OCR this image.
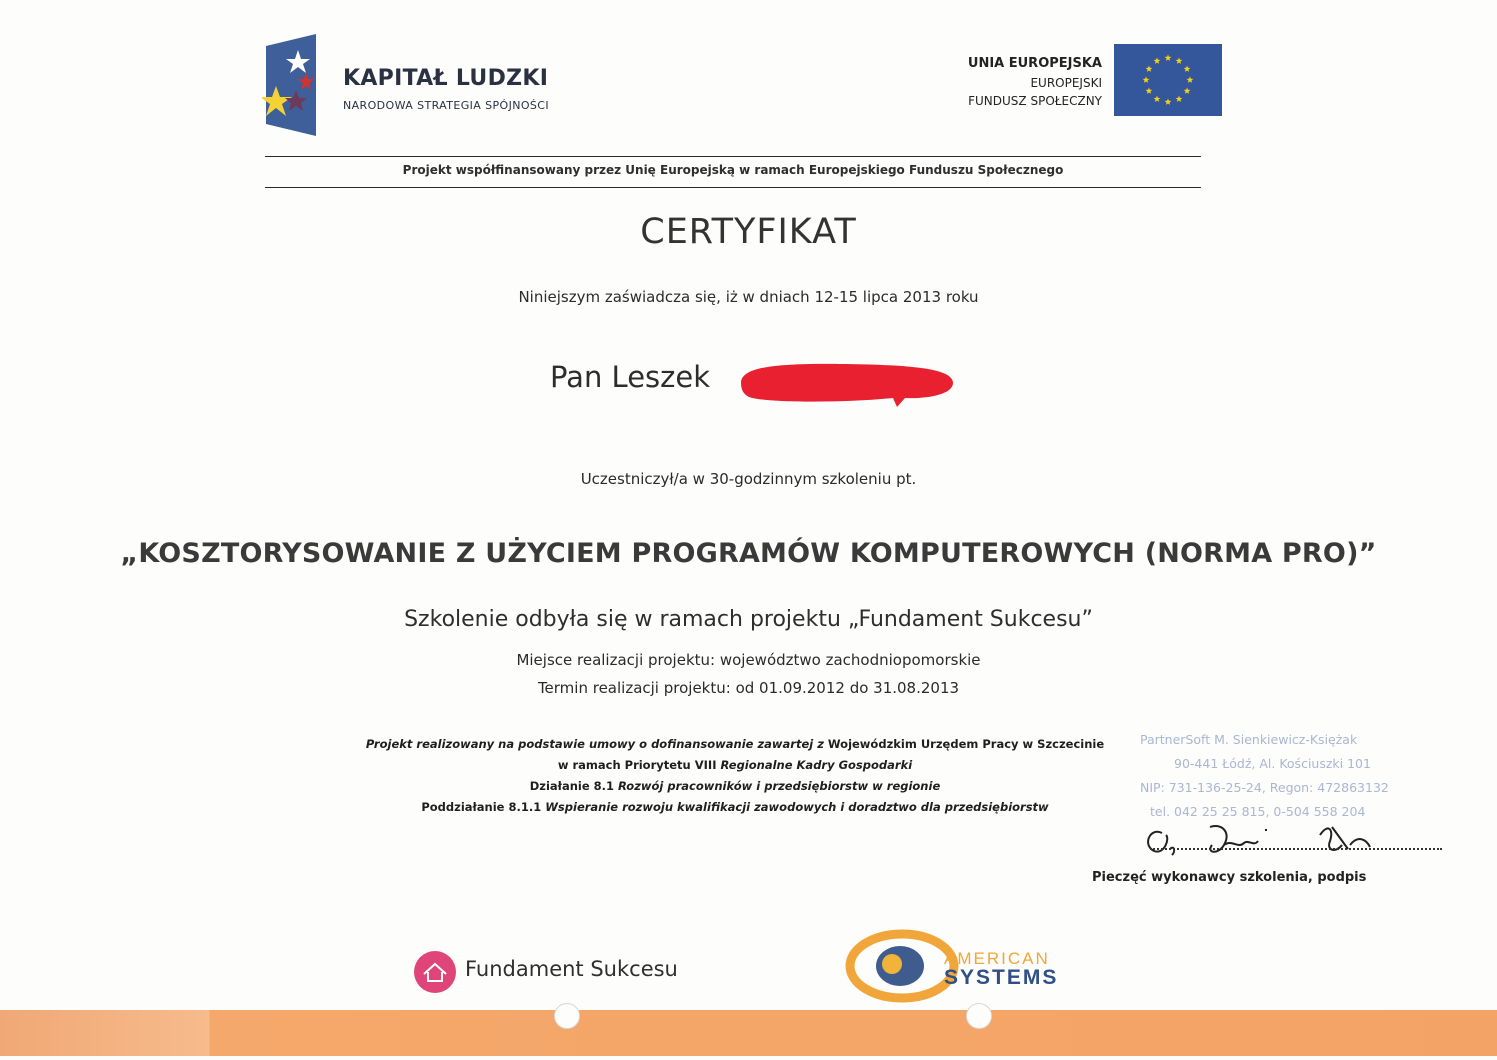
KAPITAŁ LUDZKI
NARODOWA STRATEGIA SPÓJNOŚCI
UNIA EUROPEJSKA
EUROPEJSKI
FUNDUSZ SPOŁECZNY
Projekt współfinansowany przez Unię Europejską w ramach Europejskiego Funduszu Społecznego
CERTYFIKAT
Niniejszym zaświadcza się, iż w dniach 12-15 lipca 2013 roku
Pan Leszek
Uczestniczył/a w 30-godzinnym szkoleniu pt.
„KOSZTORYSOWANIE Z UŻYCIEM PROGRAMÓW KOMPUTEROWYCH (NORMA PRO)”
Szkolenie odbyła się w ramach projektu „Fundament Sukcesu”
Miejsce realizacji projektu: województwo zachodniopomorskie
Termin realizacji projektu: od 01.09.2012 do 31.08.2013
Projekt realizowany na podstawie umowy o dofinansowanie zawartej z Wojewódzkim Urzędem Pracy w Szczecinie
w ramach Priorytetu VIII Regionalne Kadry Gospodarki
Działanie 8.1 Rozwój pracowników i przedsiębiorstw w regionie
Poddziałanie 8.1.1 Wspieranie rozwoju kwalifikacji zawodowych i doradztwo dla przedsiębiorstw
PartnerSoft M. Sienkiewicz-Księżak
90-441 Łódź, Al. Kościuszki 101
NIP: 731-136-25-24, Regon: 472863132
tel. 042 25 25 815, 0-504 558 204
Pieczęć wykonawcy szkolenia, podpis
Fundament Sukcesu	AMERICAN
SYSTEMS
